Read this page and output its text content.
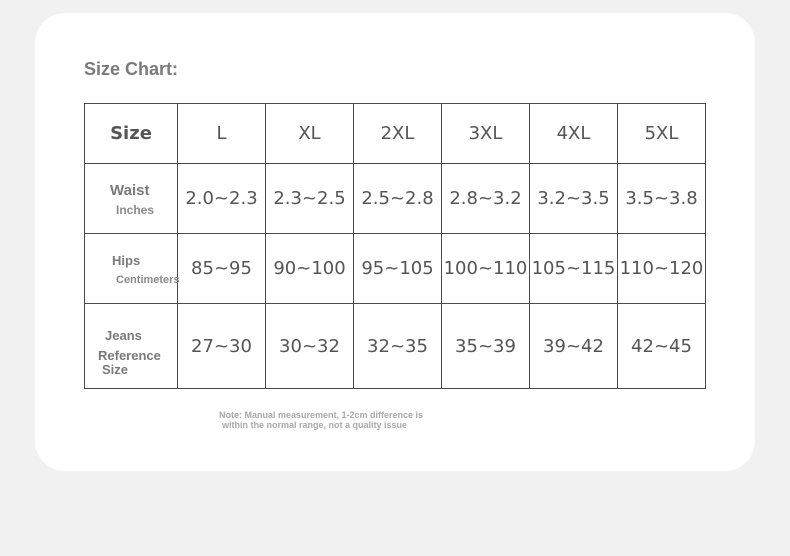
Size Chart:
Size	L	XL	2XL	3XL	4XL	5XL

Waist
Inches	2.0~2.3	2.3~2.5	2.5~2.8	2.8~3.2	3.2~3.5	3.5~3.8

Hips
Centimeters	85~95	90~100	95~105	100~110	105~115	110~120

Jeans
Reference
Size	27~30	30~32	32~35	35~39	39~42	42~45
Note: Manual measurement, 1-2cm difference is
within the normal range, not a quality issue
